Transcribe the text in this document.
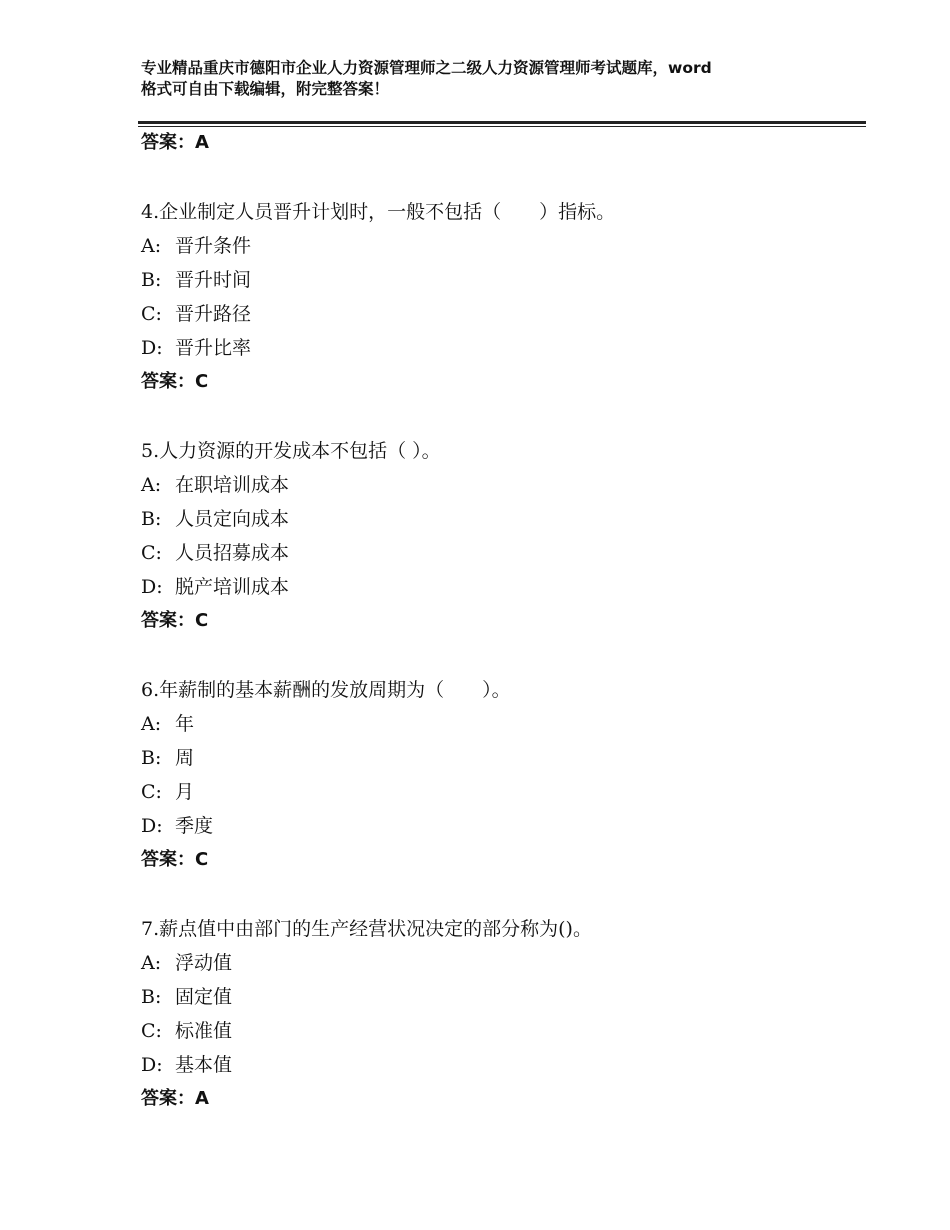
专业精品重庆市德阳市企业人力资源管理师之二级人力资源管理师考试题库，word
格式可自由下载编辑，附完整答案！
答案：A
4.企业制定人员晋升计划时，一般不包括（　　）指标。
A: 晋升条件
B: 晋升时间
C: 晋升路径
D: 晋升比率
答案：C
5.人力资源的开发成本不包括（ ）。
A: 在职培训成本
B: 人员定向成本
C: 人员招募成本
D: 脱产培训成本
答案：C
6.年薪制的基本薪酬的发放周期为（　　）。
A: 年
B: 周
C: 月
D: 季度
答案：C
7.薪点值中由部门的生产经营状况决定的部分称为()。
A: 浮动值
B: 固定值
C: 标准值
D: 基本值
答案：A
